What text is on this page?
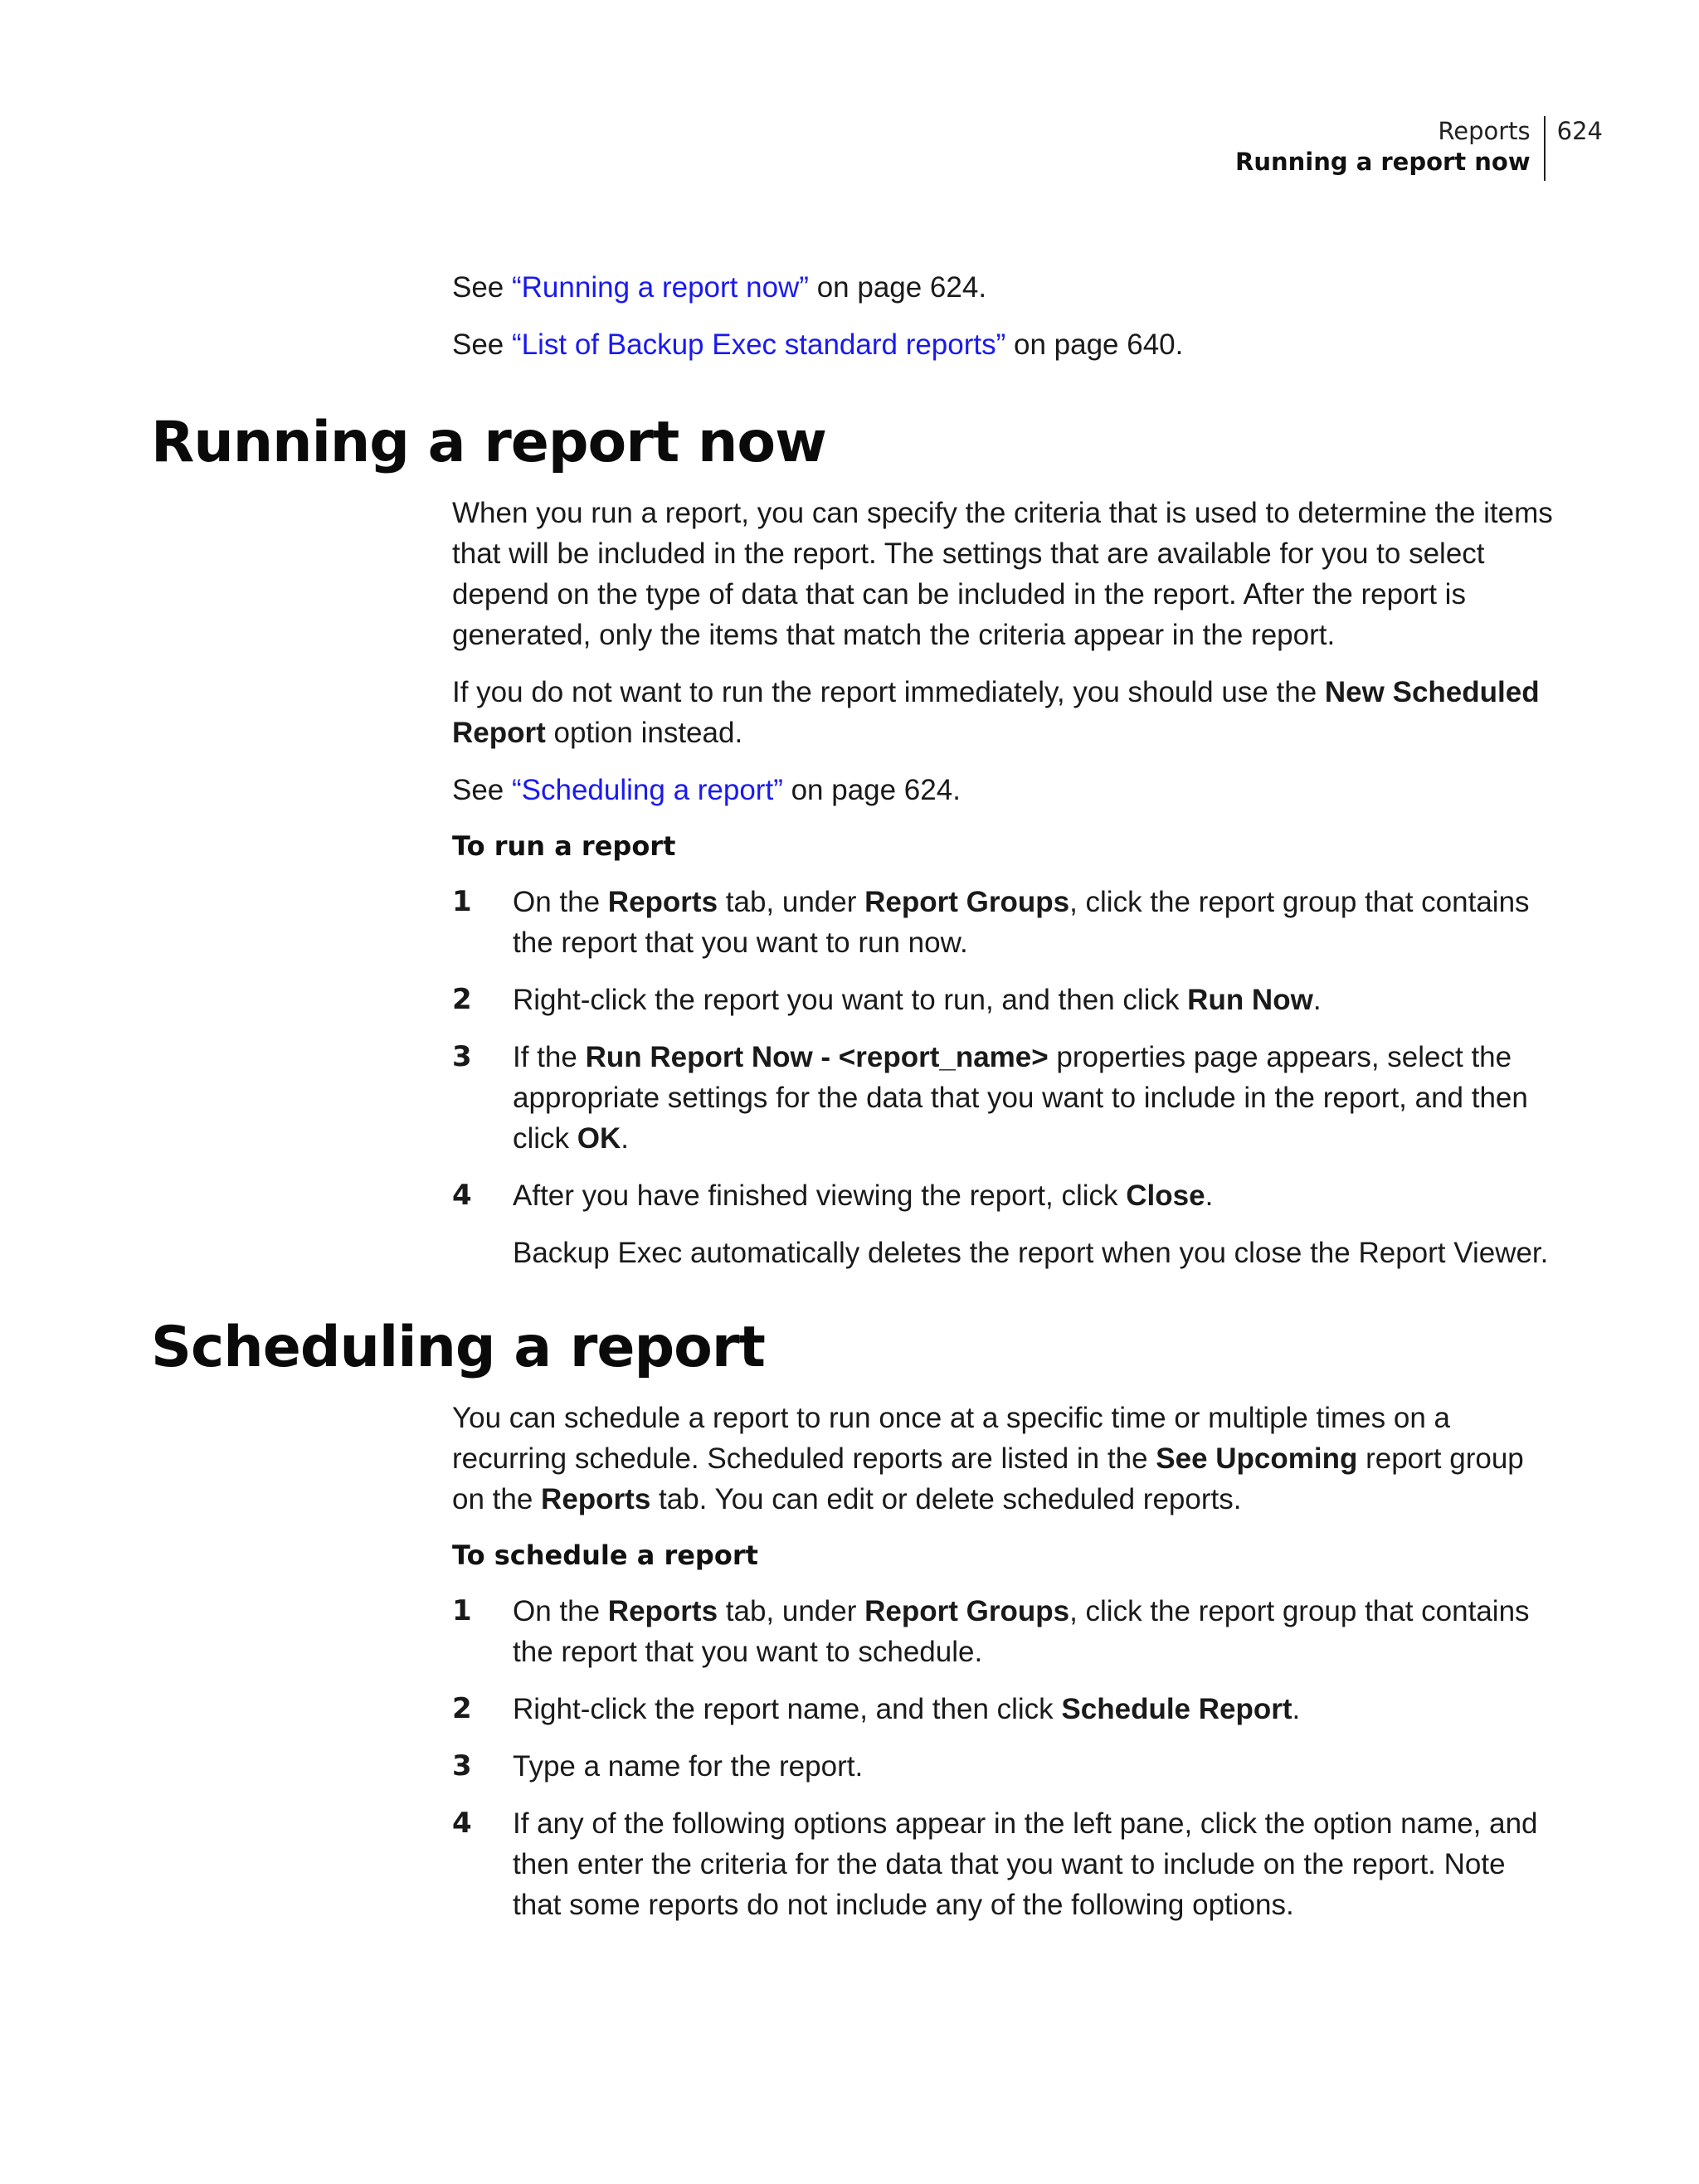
Reports
Running a report now
624

See “Running a report now” on page 624.

See “List of Backup Exec standard reports” on page 640.

Running a report now

When you run a report, you can specify the criteria that is used to determine the items that will be included in the report. The settings that are available for you to select depend on the type of data that can be included in the report. After the report is generated, only the items that match the criteria appear in the report.

If you do not want to run the report immediately, you should use the New Scheduled Report option instead.

See “Scheduling a report” on page 624.

To run a report
1	On the Reports tab, under Report Groups, click the report group that contains the report that you want to run now.

2	Right-click the report you want to run, and then click Run Now.

3	If the Run Report Now - <report_name> properties page appears, select the appropriate settings for the data that you want to include in the report, and then click OK.

4	After you have finished viewing the report, click Close.

Backup Exec automatically deletes the report when you close the Report Viewer.

Scheduling a report

You can schedule a report to run once at a specific time or multiple times on a recurring schedule. Scheduled reports are listed in the See Upcoming report group on the Reports tab. You can edit or delete scheduled reports.

To schedule a report
1	On the Reports tab, under Report Groups, click the report group that contains the report that you want to schedule.

2	Right-click the report name, and then click Schedule Report.

3	Type a name for the report.

4	If any of the following options appear in the left pane, click the option name, and then enter the criteria for the data that you want to include on the report. Note that some reports do not include any of the following options.
